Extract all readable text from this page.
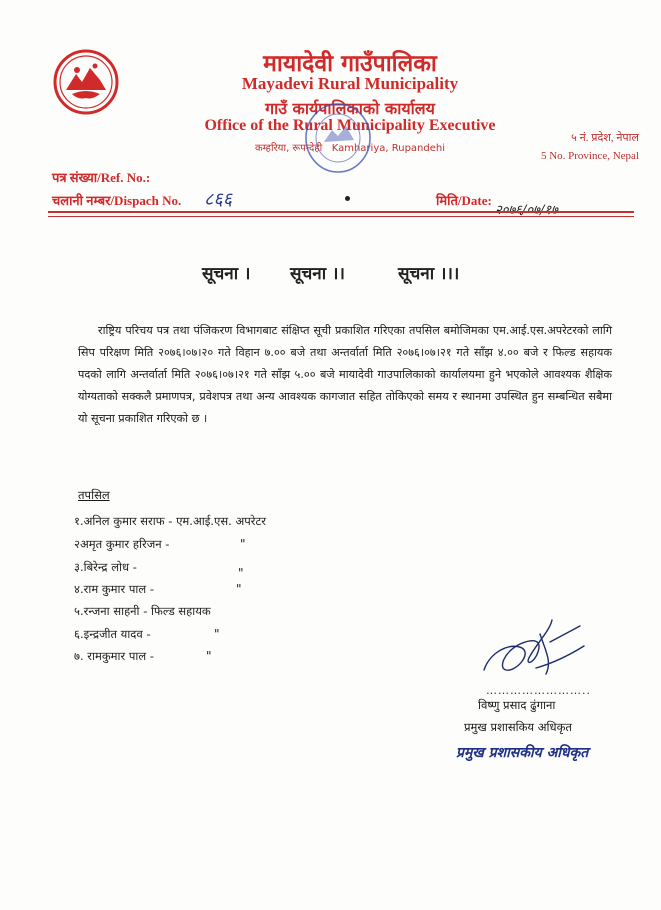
मायादेवी गाउँपालिका
Mayadevi Rural Municipality
गाउँ कार्यपालिकाको कार्यालय
Office of the Rural Municipality Executive
कम्हरिया, रूपन्देही Kamhariya, Rupandehi
५ नं. प्रदेश, नेपाल
5 No. Province, Nepal
पत्र संख्या/Ref. No.:
चलानी नम्बर/Dispach No. ८६६	मिति/Date:
सूचना । सूचना ।।	सूचना ।।।
राष्ट्रिय परिचय पत्र तथा पंजिकरण विभागबाट संक्षिप्त सूची प्रकाशित गरिएका तपसिल बमोजिमका एम.आई.एस.अपरेटरको लागि सिप परिक्षण मिति २०७६।०७।२० गते विहान ७.०० बजे तथा अन्तर्वार्ता मिति २०७६।०७।२१ गते साँझ ४.०० बजे र फिल्ड सहायक पदको लागि अन्तर्वार्ता मिति २०७६।०७।२१ गते साँझ ५.०० बजे मायादेवी गाउपालिकाको कार्यालयमा हुने भएकोले आवश्यक शैक्षिक योग्यताको सक्कलै प्रमाणपत्र, प्रवेशपत्र तथा अन्य आवश्यक कागजात सहित तोकिएको समय र स्थानमा उपस्थित हुन सम्बन्धित सबैमा यो सूचना प्रकाशित गरिएको छ ।
तपसिल
१.अनिल कुमार सराफ - एम.आई.एस. अपरेटर
२अमृत कुमार हरिजन -	"
३.बिरेन्द्र लोध -	"
४.राम कुमार पाल -	"
५.रन्जना साहनी - फिल्ड सहायक
६.इन्द्रजीत यादव -	"
७. रामकुमार पाल -	"
……………………..
विष्णु प्रसाद ढुंगाना
प्रमुख प्रशासकिय अधिकृत
प्रमुख प्रशासकीय अधिकृत
